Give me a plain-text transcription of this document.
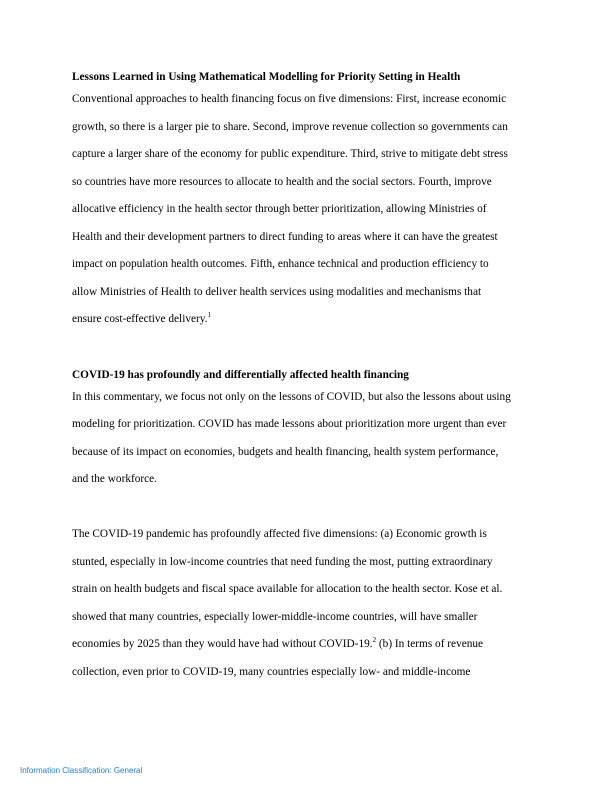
Lessons Learned in Using Mathematical Modelling for Priority Setting in Health

Conventional approaches to health financing focus on five dimensions: First, increase economic
growth, so there is a larger pie to share. Second, improve revenue collection so governments can
capture a larger share of the economy for public expenditure. Third, strive to mitigate debt stress
so countries have more resources to allocate to health and the social sectors. Fourth, improve
allocative efficiency in the health sector through better prioritization, allowing Ministries of
Health and their development partners to direct funding to areas where it can have the greatest
impact on population health outcomes. Fifth, enhance technical and production efficiency to
allow Ministries of Health to deliver health services using modalities and mechanisms that
ensure cost-effective delivery.$^1$

COVID-19 has profoundly and differentially affected health financing

In this commentary, we focus not only on the lessons of COVID, but also the lessons about using
modeling for prioritization. COVID has made lessons about prioritization more urgent than ever
because of its impact on economies, budgets and health financing, health system performance,
and the workforce.

The COVID-19 pandemic has profoundly affected five dimensions: (a) Economic growth is
stunted, especially in low-income countries that need funding the most, putting extraordinary
strain on health budgets and fiscal space available for allocation to the health sector. Kose et al.
showed that many countries, especially lower-middle-income countries, will have smaller
economies by 2025 than they would have had without COVID-19.$^2$ (b) In terms of revenue
collection, even prior to COVID-19, many countries especially low- and middle-income

Information Classification: General
